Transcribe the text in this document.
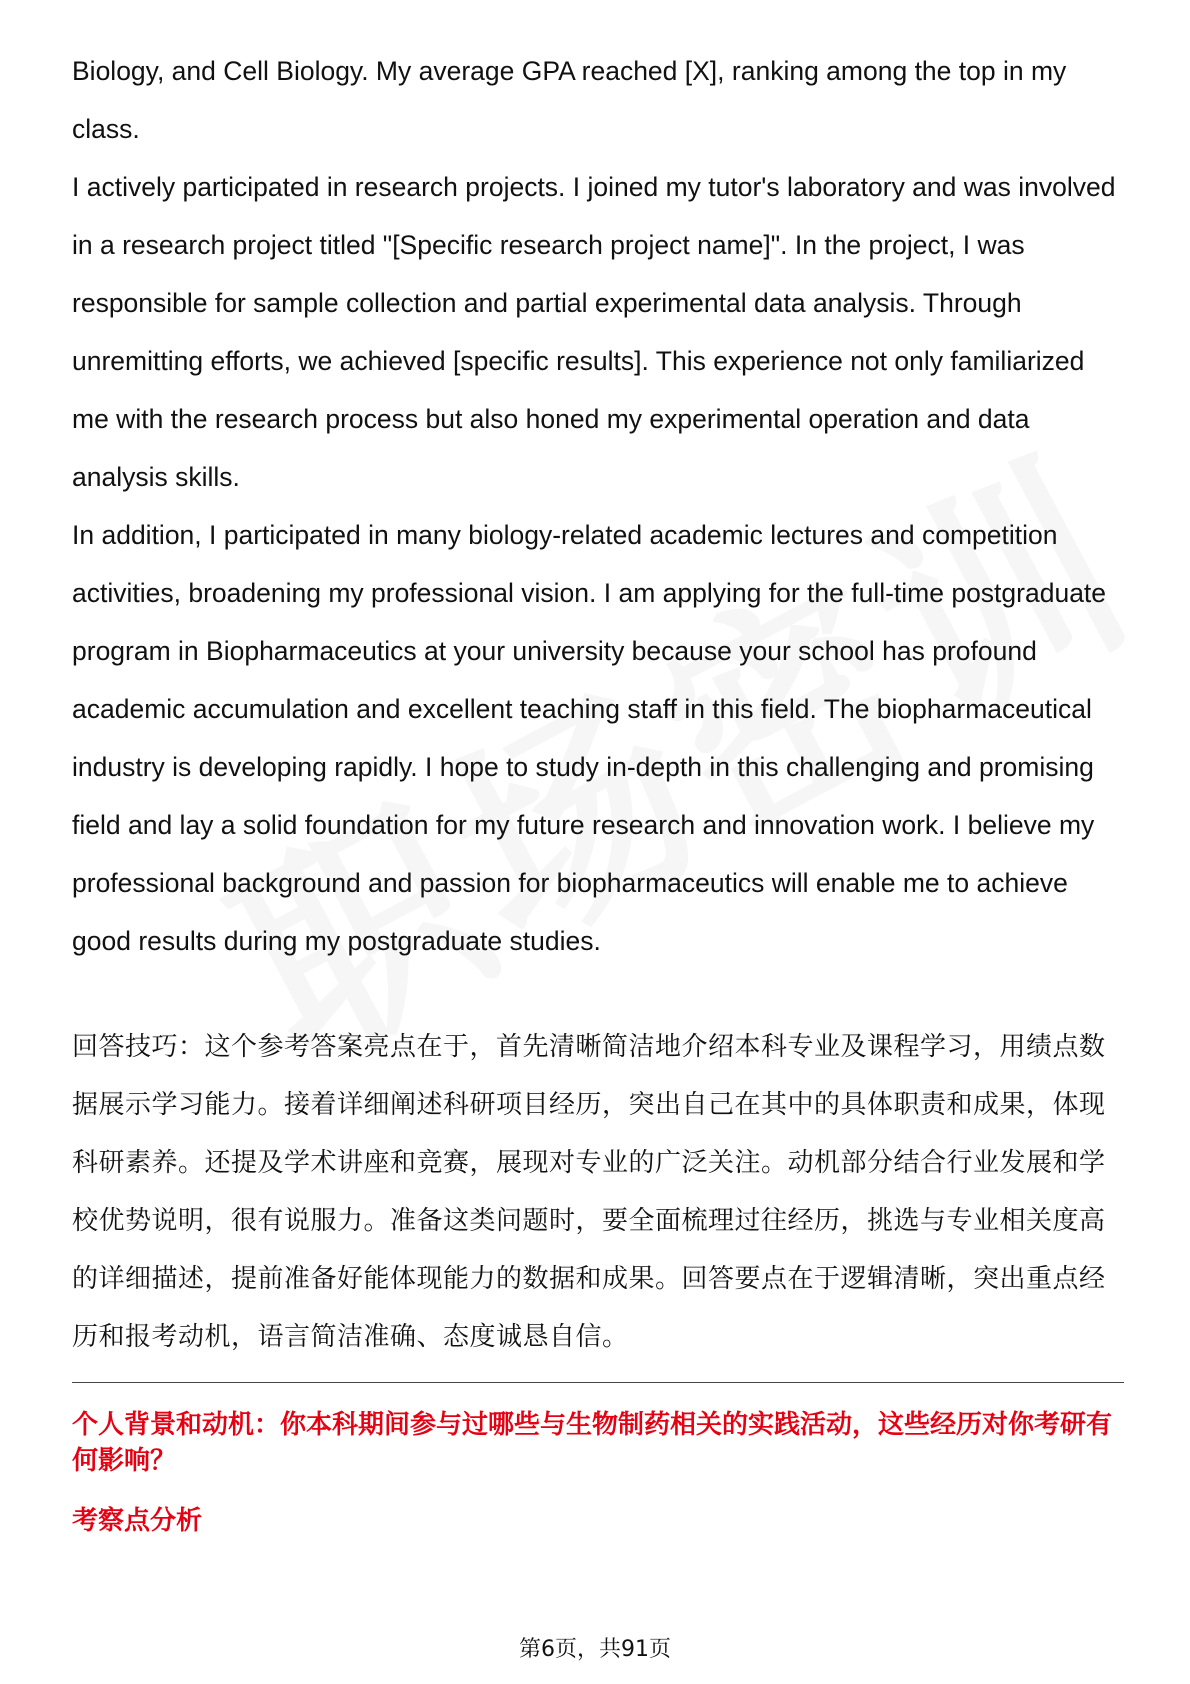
Biology, and Cell Biology. My average GPA reached [X], ranking among the top in my class.

I actively participated in research projects. I joined my tutor's laboratory and was involved in a research project titled "[Specific research project name]". In the project, I was responsible for sample collection and partial experimental data analysis. Through unremitting efforts, we achieved [specific results]. This experience not only familiarized me with the research process but also honed my experimental operation and data analysis skills.

In addition, I participated in many biology-related academic lectures and competition activities, broadening my professional vision. I am applying for the full-time postgraduate program in Biopharmaceutics at your university because your school has profound academic accumulation and excellent teaching staff in this field. The biopharmaceutical industry is developing rapidly. I hope to study in-depth in this challenging and promising field and lay a solid foundation for my future research and innovation work. I believe my professional background and passion for biopharmaceutics will enable me to achieve good results during my postgraduate studies.

回答技巧：这个参考答案亮点在于，首先清晰简洁地介绍本科专业及课程学习，用绩点数据展示学习能力。接着详细阐述科研项目经历，突出自己在其中的具体职责和成果，体现科研素养。还提及学术讲座和竞赛，展现对专业的广泛关注。动机部分结合行业发展和学校优势说明，很有说服力。准备这类问题时，要全面梳理过往经历，挑选与专业相关度高的详细描述，提前准备好能体现能力的数据和成果。回答要点在于逻辑清晰，突出重点经历和报考动机，语言简洁准确、态度诚恳自信。

个人背景和动机：你本科期间参与过哪些与生物制药相关的实践活动，这些经历对你考研有何影响？

考察点分析

第6页，共91页
